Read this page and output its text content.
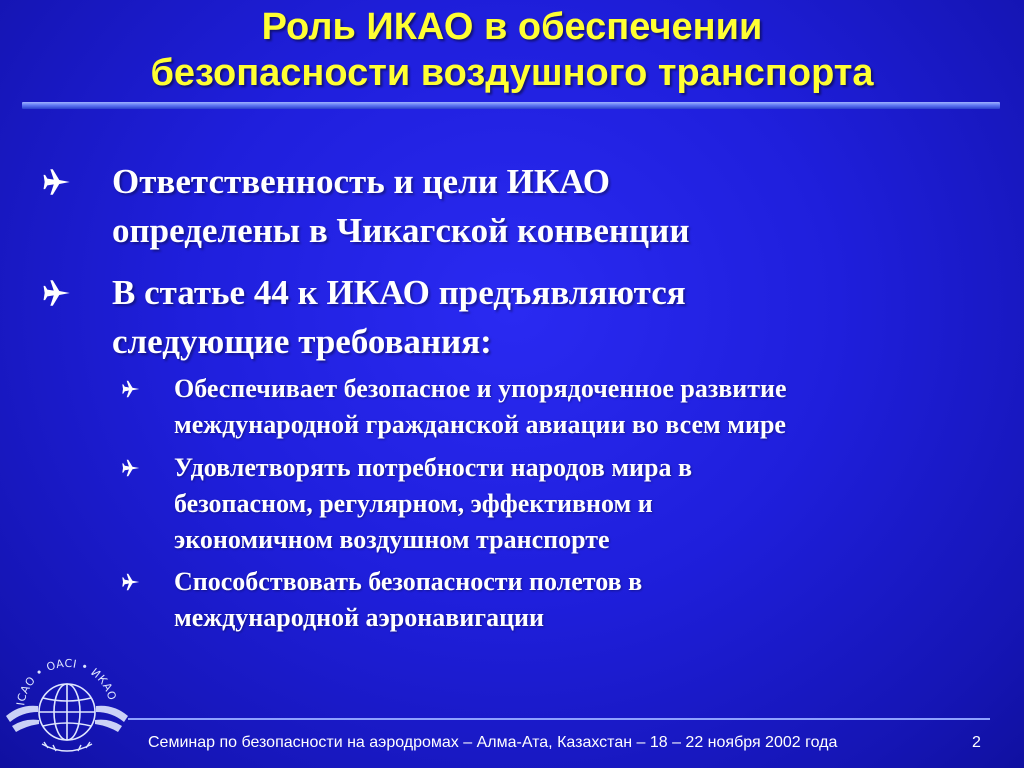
Роль ИКАО в обеспечении
безопасности воздушного транспорта
Ответственность и цели ИКАО
определены в Чикагской конвенции
В статье 44 к ИКАО предъявляются
следующие требования:
Обеспечивает безопасное и упорядоченное развитие
международной гражданской авиации во всем мире
Удовлетворять потребности народов мира в
безопасном, регулярном, эффективном и
экономичном воздушном транспорте
Способствовать безопасности полетов в
международной аэронавигации
ICAO • OACI • ИКАО
Семинар по безопасности на аэродромах – Алма-Ата, Казахстан – 18 – 22 ноября 2002 года	2
